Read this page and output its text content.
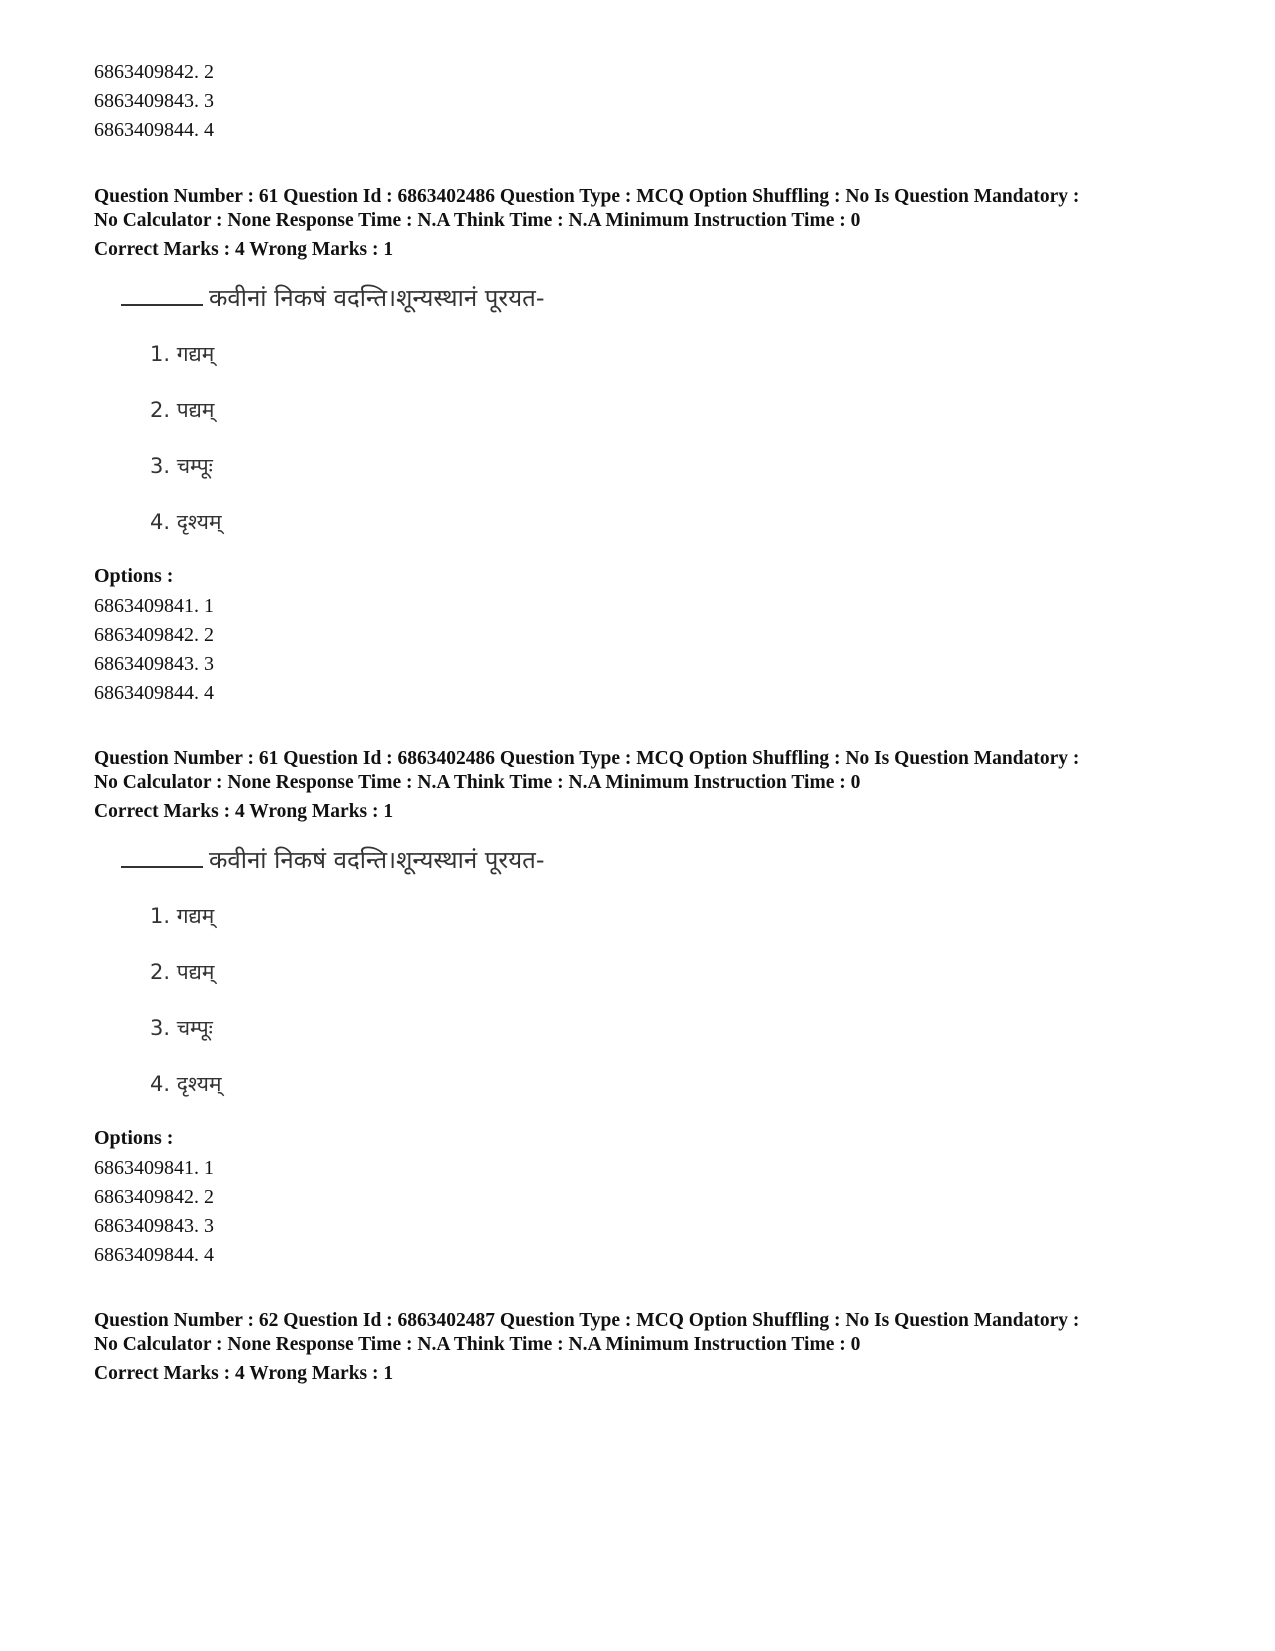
6863409842. 2
6863409843. 3
6863409844. 4
Question Number : 61 Question Id : 6863402486 Question Type : MCQ Option Shuffling : No Is Question Mandatory :
No Calculator : None Response Time : N.A Think Time : N.A Minimum Instruction Time : 0
Correct Marks : 4 Wrong Marks : 1
कवीनां निकषं वदन्ति।शून्यस्थानं पूरयत-
1. गद्यम्
2. पद्यम्
3. चम्पूः
4. दृश्यम्
Options :
6863409841. 1
6863409842. 2
6863409843. 3
6863409844. 4
Question Number : 61 Question Id : 6863402486 Question Type : MCQ Option Shuffling : No Is Question Mandatory :
No Calculator : None Response Time : N.A Think Time : N.A Minimum Instruction Time : 0
Correct Marks : 4 Wrong Marks : 1
कवीनां निकषं वदन्ति।शून्यस्थानं पूरयत-
1. गद्यम्
2. पद्यम्
3. चम्पूः
4. दृश्यम्
Options :
6863409841. 1
6863409842. 2
6863409843. 3
6863409844. 4
Question Number : 62 Question Id : 6863402487 Question Type : MCQ Option Shuffling : No Is Question Mandatory :
No Calculator : None Response Time : N.A Think Time : N.A Minimum Instruction Time : 0
Correct Marks : 4 Wrong Marks : 1
